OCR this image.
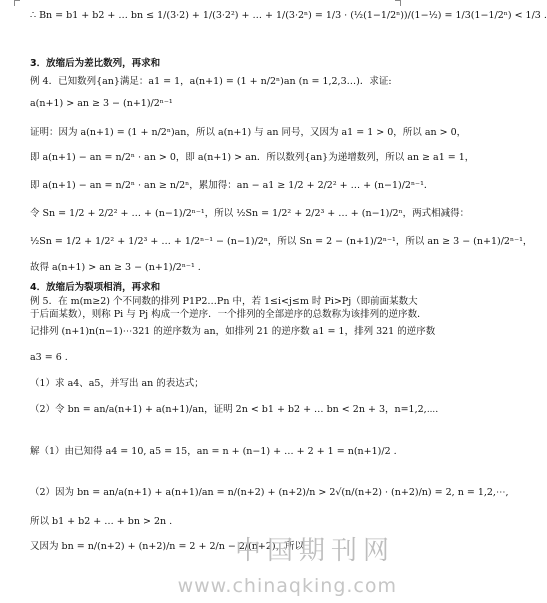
∴ Bn = b1 + b2 + … bn ≤ 1/(3·2) + 1/(3·2²) + … + 1/(3·2ⁿ) = 1/3 · (½(1−1/2ⁿ))/(1−½) = 1/3(1−1/2ⁿ) < 1/3 .
3．放缩后为差比数列，再求和
例 4．已知数列{an}满足：a1 = 1，a(n+1) = (1 + n/2ⁿ)an (n = 1,2,3…)．求证:
a(n+1) > an ≥ 3 − (n+1)/2ⁿ⁻¹
证明：因为 a(n+1) = (1 + n/2ⁿ)an，所以 a(n+1) 与 an 同号，又因为 a1 = 1 > 0，所以 an > 0，
即 a(n+1) − an = n/2ⁿ · an > 0，即 a(n+1) > an．所以数列{an}为递增数列，所以 an ≥ a1 = 1，
即 a(n+1) − an = n/2ⁿ · an ≥ n/2ⁿ，累加得：an − a1 ≥ 1/2 + 2/2² + … + (n−1)/2ⁿ⁻¹．
令 Sn = 1/2 + 2/2² + … + (n−1)/2ⁿ⁻¹，所以 ½Sn = 1/2² + 2/2³ + … + (n−1)/2ⁿ，两式相减得：
½Sn = 1/2 + 1/2² + 1/2³ + … + 1/2ⁿ⁻¹ − (n−1)/2ⁿ，所以 Sn = 2 − (n+1)/2ⁿ⁻¹，所以 an ≥ 3 − (n+1)/2ⁿ⁻¹，
故得 a(n+1) > an ≥ 3 − (n+1)/2ⁿ⁻¹ .
4．放缩后为裂项相消，再求和
例 5．在 m(m≥2) 个不同数的排列 P1P2…Pn 中，若 1≤i<j≤m 时 Pi>Pj（即前面某数大
于后面某数），则称 Pi 与 Pj 构成一个逆序．一个排列的全部逆序的总数称为该排列的逆序数．
记排列 (n+1)n(n−1)⋯321 的逆序数为 an，如排列 21 的逆序数 a1 = 1，排列 321 的逆序数
a3 = 6 .
（1）求 a4、a5，并写出 an 的表达式；
（2）令 bn = an/a(n+1) + a(n+1)/an，证明 2n < b1 + b2 + … bn < 2n + 3，n=1,2,⋯.
解（1）由已知得 a4 = 10, a5 = 15，an = n + (n−1) + … + 2 + 1 = n(n+1)/2 .
（2）因为 bn = an/a(n+1) + a(n+1)/an = n/(n+2) + (n+2)/n > 2√(n/(n+2) · (n+2)/n) = 2, n = 1,2,⋯,
所以 b1 + b2 + … + bn > 2n .
又因为 bn = n/(n+2) + (n+2)/n = 2 + 2/n − 2/(n+2)，所以
中国期刊网
www.chinaqking.com
